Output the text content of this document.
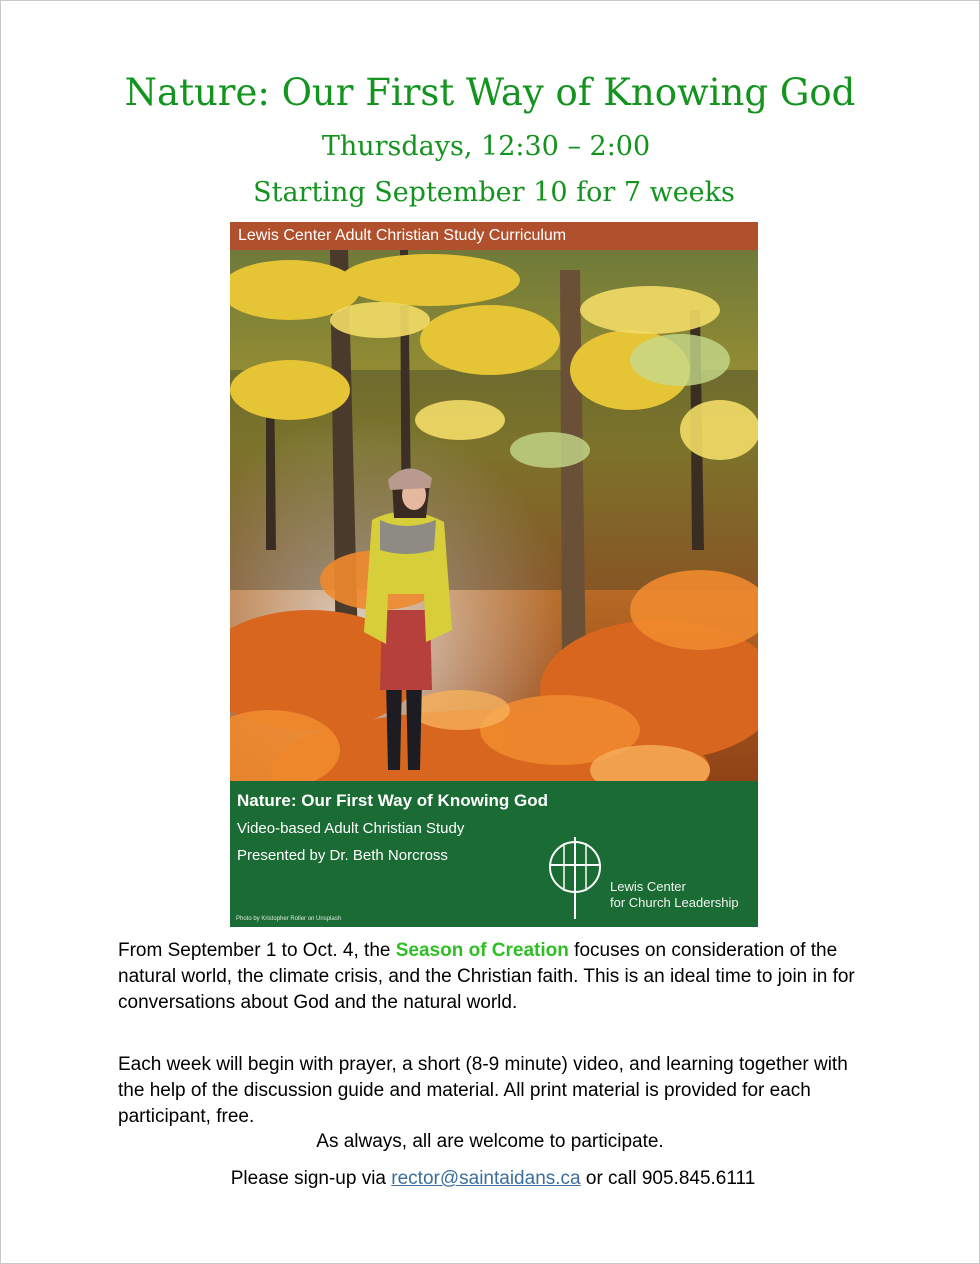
Nature: Our First Way of Knowing God
Thursdays, 12:30 – 2:00
Starting September 10 for 7 weeks
Lewis Center Adult Christian Study Curriculum
Nature: Our First Way of Knowing God
Video-based Adult Christian Study
Presented by Dr. Beth Norcross
Photo by Kristopher Roller on Unsplash
Lewis Center
for Church Leadership
From September 1 to Oct. 4, the Season of Creation focuses on consideration of the natural world, the climate crisis, and the Christian faith. This is an ideal time to join in for conversations about God and the natural world.
Each week will begin with prayer, a short (8-9 minute) video, and learning together with the help of the discussion guide and material. All print material is provided for each participant, free.
As always, all are welcome to participate.
Please sign-up via rector@saintaidans.ca or call 905.845.6111
